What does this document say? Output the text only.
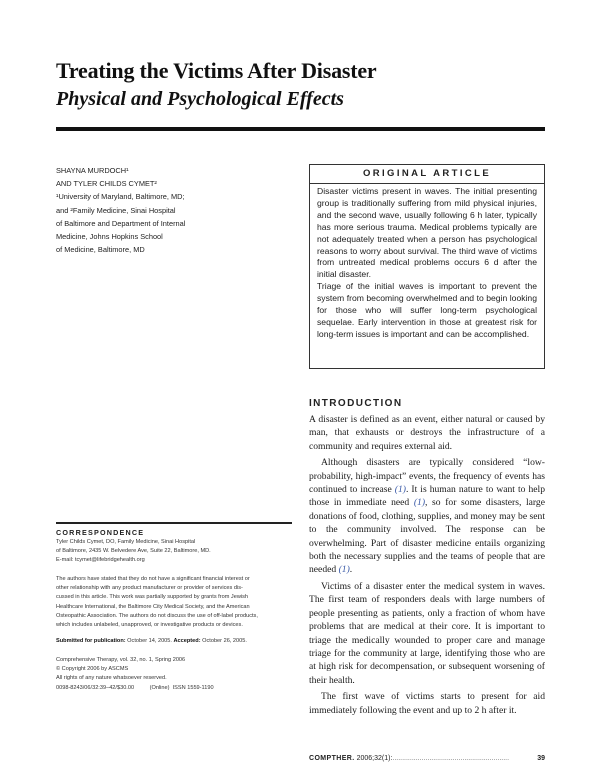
Treating the Victims After Disaster
Physical and Psychological Effects
SHAYNA MURDOCH¹
AND TYLER CHILDS CYMET²
¹University of Maryland, Baltimore, MD;
and ²Family Medicine, Sinai Hospital
of Baltimore and Department of Internal
Medicine, Johns Hopkins School
of Medicine, Baltimore, MD
ORIGINAL ARTICLE

Disaster victims present in waves. The initial presenting group is traditionally suffering from mild physical injuries, and the second wave, usually following 6 h later, typically has more serious trauma. Medical problems typically are not adequately treated when a person has psychological reasons to worry about survival. The third wave of victims from untreated medical problems occurs 6 d after the initial disaster.

Triage of the initial waves is important to prevent the system from becoming overwhelmed and to begin looking for those who will suffer long-term psychological sequelae. Early intervention in those at greatest risk for long-term issues is important and can be accomplished.

INTRODUCTION

A disaster is defined as an event, either natural or caused by man, that exhausts or destroys the infrastructure of a community and requires external aid.

Although disasters are typically considered “low-probability, high-impact” events, the frequency of events has continued to increase (1). It is human nature to want to help those in immediate need (1), so for some disasters, large donations of food, clothing, supplies, and money may be sent to the community involved. The response can be overwhelming. Part of disaster medicine entails organizing both the necessary supplies and the teams of people that are needed (1).

Victims of a disaster enter the medical system in waves. The first team of responders deals with large numbers of people presenting as patients, only a fraction of whom have problems that are medical at their core. It is important to triage the medically wounded to proper care and manage triage for the community at large, identifying those who are at high risk for decompensation, or subsequent worsening of their health.

The first wave of victims starts to present for aid immediately following the event and up to 2 h after it.

CORRESPONDENCE
Tyler Childs Cymet, DO, Family Medicine, Sinai Hospital
of Baltimore, 2435 W. Belvedere Ave, Suite 22, Baltimore, MD.
E-mail: tcymet@lifebridgehealth.org
The authors have stated that they do not have a significant financial interest or
other relationship with any product manufacturer or provider of services dis-
cussed in this article. This work was partially supported by grants from Jewish
Healthcare International, the Baltimore City Medical Society, and the American
Osteopathic Association. The authors do not discuss the use of off-label products,
which includes unlabeled, unapproved, or investigative products or devices.
Submitted for publication: October 14, 2005. Accepted: October 26, 2005.
Comprehensive Therapy, vol. 32, no. 1, Spring 2006
© Copyright 2006 by ASCMS
All rights of any nature whatsoever reserved.
0098-8243/06/32:39–42/$30.00          (Online)  ISSN 1559-1190
COMPTHER. 2006;32(1):............................................................	39
